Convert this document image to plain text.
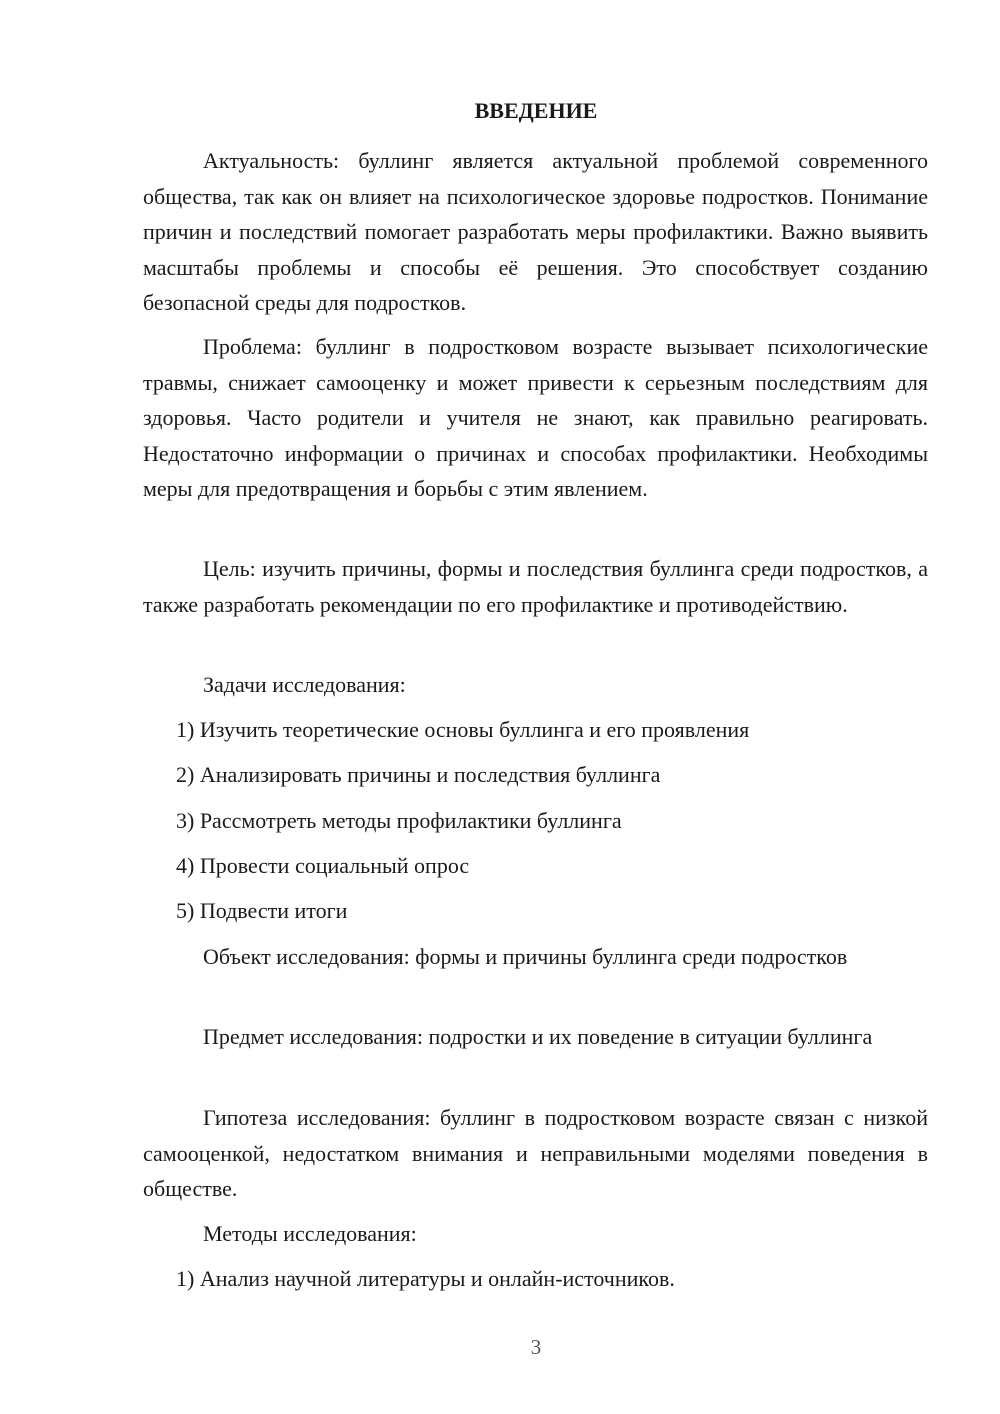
ВВЕДЕНИЕ

Актуальность: буллинг является актуальной проблемой современного общества, так как он влияет на психологическое здоровье подростков. Понимание причин и последствий помогает разработать меры профилактики. Важно выявить масштабы проблемы и способы её решения. Это способствует созданию безопасной среды для подростков.

Проблема: буллинг в подростковом возрасте вызывает психологические травмы, снижает самооценку и может привести к серьезным последствиям для здоровья. Часто родители и учителя не знают, как правильно реагировать. Недостаточно информации о причинах и способах профилактики. Необходимы меры для предотвращения и борьбы с этим явлением.

Цель: изучить причины, формы и последствия буллинга среди подростков, а также разработать рекомендации по его профилактике и противодействию.

Задачи исследования:

1) Изучить теоретические основы буллинга и его проявления

2) Анализировать причины и последствия буллинга

3) Рассмотреть методы профилактики буллинга

4) Провести социальный опрос

5) Подвести итоги

Объект исследования: формы и причины буллинга среди подростков

Предмет исследования: подростки и их поведение в ситуации буллинга

Гипотеза исследования: буллинг в подростковом возрасте связан с низкой самооценкой, недостатком внимания и неправильными моделями поведения в обществе.

Методы исследования:

1) Анализ научной литературы и онлайн-источников.

3
